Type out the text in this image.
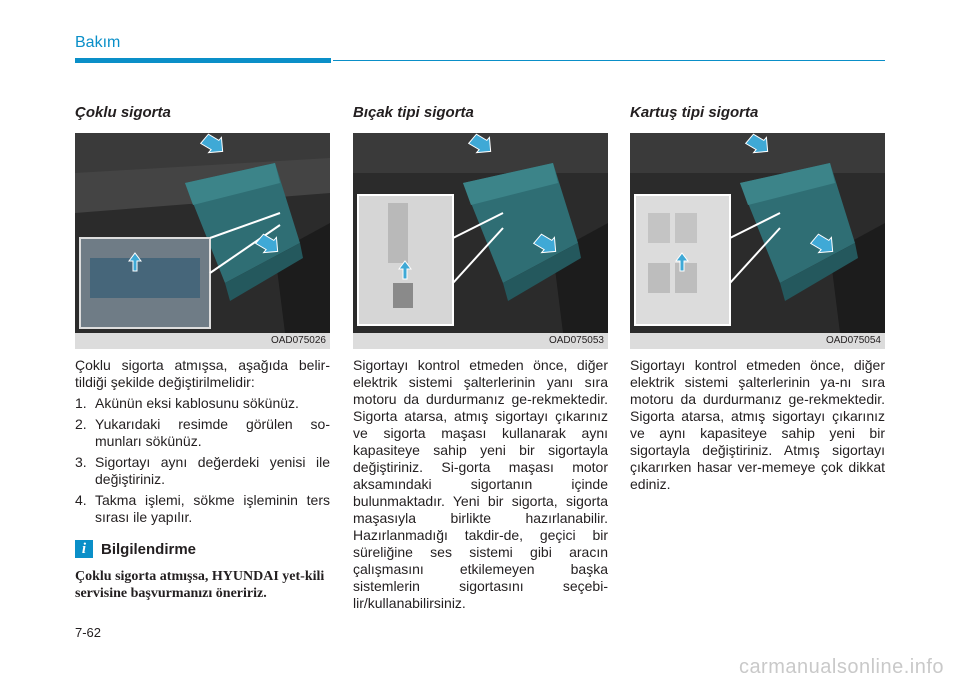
Bakım
Çoklu sigorta
OAD075026

Çoklu sigorta atmışsa, aşağıda belir-tildiği şekilde değiştirilmelidir:

1. Akünün eksi kablosunu sökünüz.
2. Yukarıdaki resimde görülen so-munları sökünüz.
3. Sigortayı aynı değerdeki yenisi ile değiştiriniz.
4. Takma işlemi, sökme işleminin ters sırası ile yapılır.
i Bilgilendirme
Çoklu sigorta atmışsa, HYUNDAI yet-kili servisine başvurmanızı öneririz.
Bıçak tipi sigorta
OAD075053

Sigortayı kontrol etmeden önce, diğer elektrik sistemi şalterlerinin yanı sıra motoru da durdurmanız ge-rekmektedir. Sigorta atarsa, atmış sigortayı çıkarınız ve sigorta maşası kullanarak aynı kapasiteye sahip yeni bir sigortayla değiştiriniz. Si-gorta maşası motor aksamındaki sigortanın içinde bulunmaktadır. Yeni bir sigorta, sigorta maşasıyla birlikte hazırlanabilir. Hazırlanmadığı takdir-de, geçici bir süreliğine ses sistemi gibi aracın çalışmasını etkilemeyen başka sistemlerin sigortasını seçebi-lir/kullanabilirsiniz.

Kartuş tipi sigorta
OAD075054

Sigortayı kontrol etmeden önce, diğer elektrik sistemi şalterlerinin ya-nı sıra motoru da durdurmanız ge-rekmektedir. Sigorta atarsa, atmış sigortayı çıkarınız ve aynı kapasiteye sahip yeni bir sigortayla değiştiriniz. Atmış sigortayı çıkarırken hasar ver-memeye çok dikkat ediniz.

7-62
carmanualsonline.info
